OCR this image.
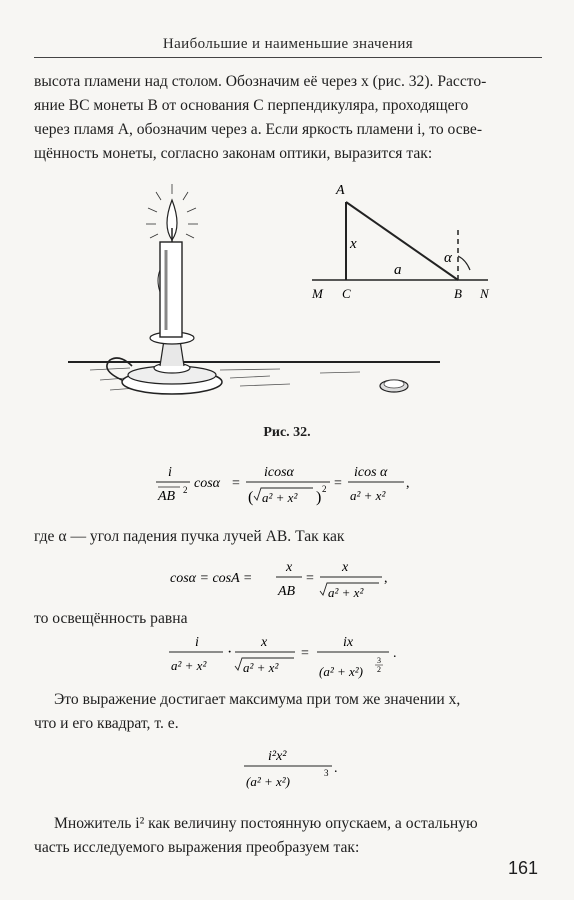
Наибольшие и наименьшие значения
высота пламени над столом. Обозначим её через x (рис. 32). Рассто-
яние BC монеты B от основания C перпендикуляра, проходящего
через пламя A, обозначим через a. Если яркость пламени i, то осве-
щённость монеты, согласно законам оптики, выразится так:
A
x
a
α
M C	B N
Рис. 32.
i
AB 2 cosα =
icosα
( a² + x² ) 2 =
icos α
a² + x²
,
где α — угол падения пучка лучей AB. Так как
cosα = cosA =
x
AB
=
x
a² + x²
,
то освещённость равна
i
a² + x²
·
x
a² + x²
=
ix
(a² + x²)
3
2
.
Это выражение достигает максимума при том же значении x,
что и его квадрат, т. е.
i²x²
(a² + x²)
3 .
Множитель i² как величину постоянную опускаем, а остальную
часть исследуемого выражения преобразуем так:
161
